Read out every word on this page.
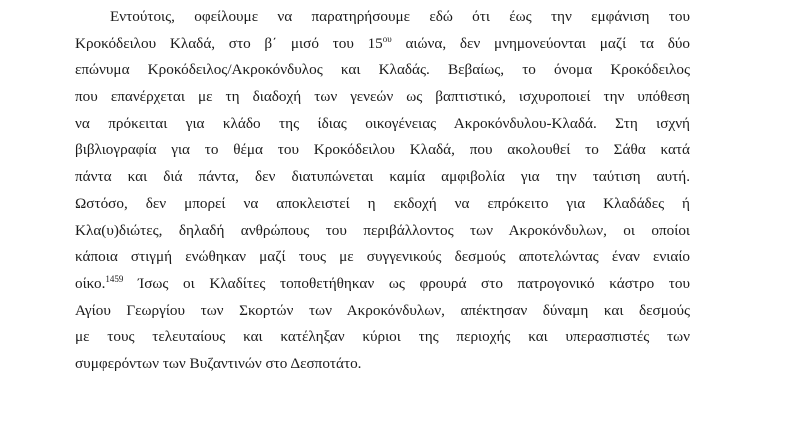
Εντούτοις, οφείλουμε να παρατηρήσουμε εδώ ότι έως την εμφάνιση του
Κροκόδειλου Κλαδά, στο β΄ μισό του $15^{o\upsilon}$ αιώνα, δεν μνημονεύονται μαζί τα δύο
επώνυμα Κροκόδειλος/Ακροκόνδυλος και Κλαδάς. Βεβαίως, το όνομα Κροκόδειλος
που επανέρχεται με τη διαδοχή των γενεών ως βαπτιστικό, ισχυροποιεί την υπόθεση
να πρόκειται για κλάδο της ίδιας οικογένειας Ακροκόνδυλου-Κλαδά. Στη ισχνή
βιβλιογραφία για το θέμα του Κροκόδειλου Κλαδά, που ακολουθεί το Σάθα κατά
πάντα και διά πάντα, δεν διατυπώνεται καμία αμφιβολία για την ταύτιση αυτή.
Ωστόσο, δεν μπορεί να αποκλειστεί η εκδοχή να επρόκειτο για Κλαδάδες ή
Κλα(υ)διώτες, δηλαδή ανθρώπους του περιβάλλοντος των Ακροκόνδυλων, οι οποίοι
κάποια στιγμή ενώθηκαν μαζί τους με συγγενικούς δεσμούς αποτελώντας έναν ενιαίο
οίκο.$^{1459}$ Ίσως οι Κλαδίτες τοποθετήθηκαν ως φρουρά στο πατρογονικό κάστρο του
Αγίου Γεωργίου των Σκορτών των Ακροκόνδυλων, απέκτησαν δύναμη και δεσμούς
με τους τελευταίους και κατέληξαν κύριοι της περιοχής και υπερασπιστές των
συμφερόντων των Βυζαντινών στο Δεσποτάτο.
